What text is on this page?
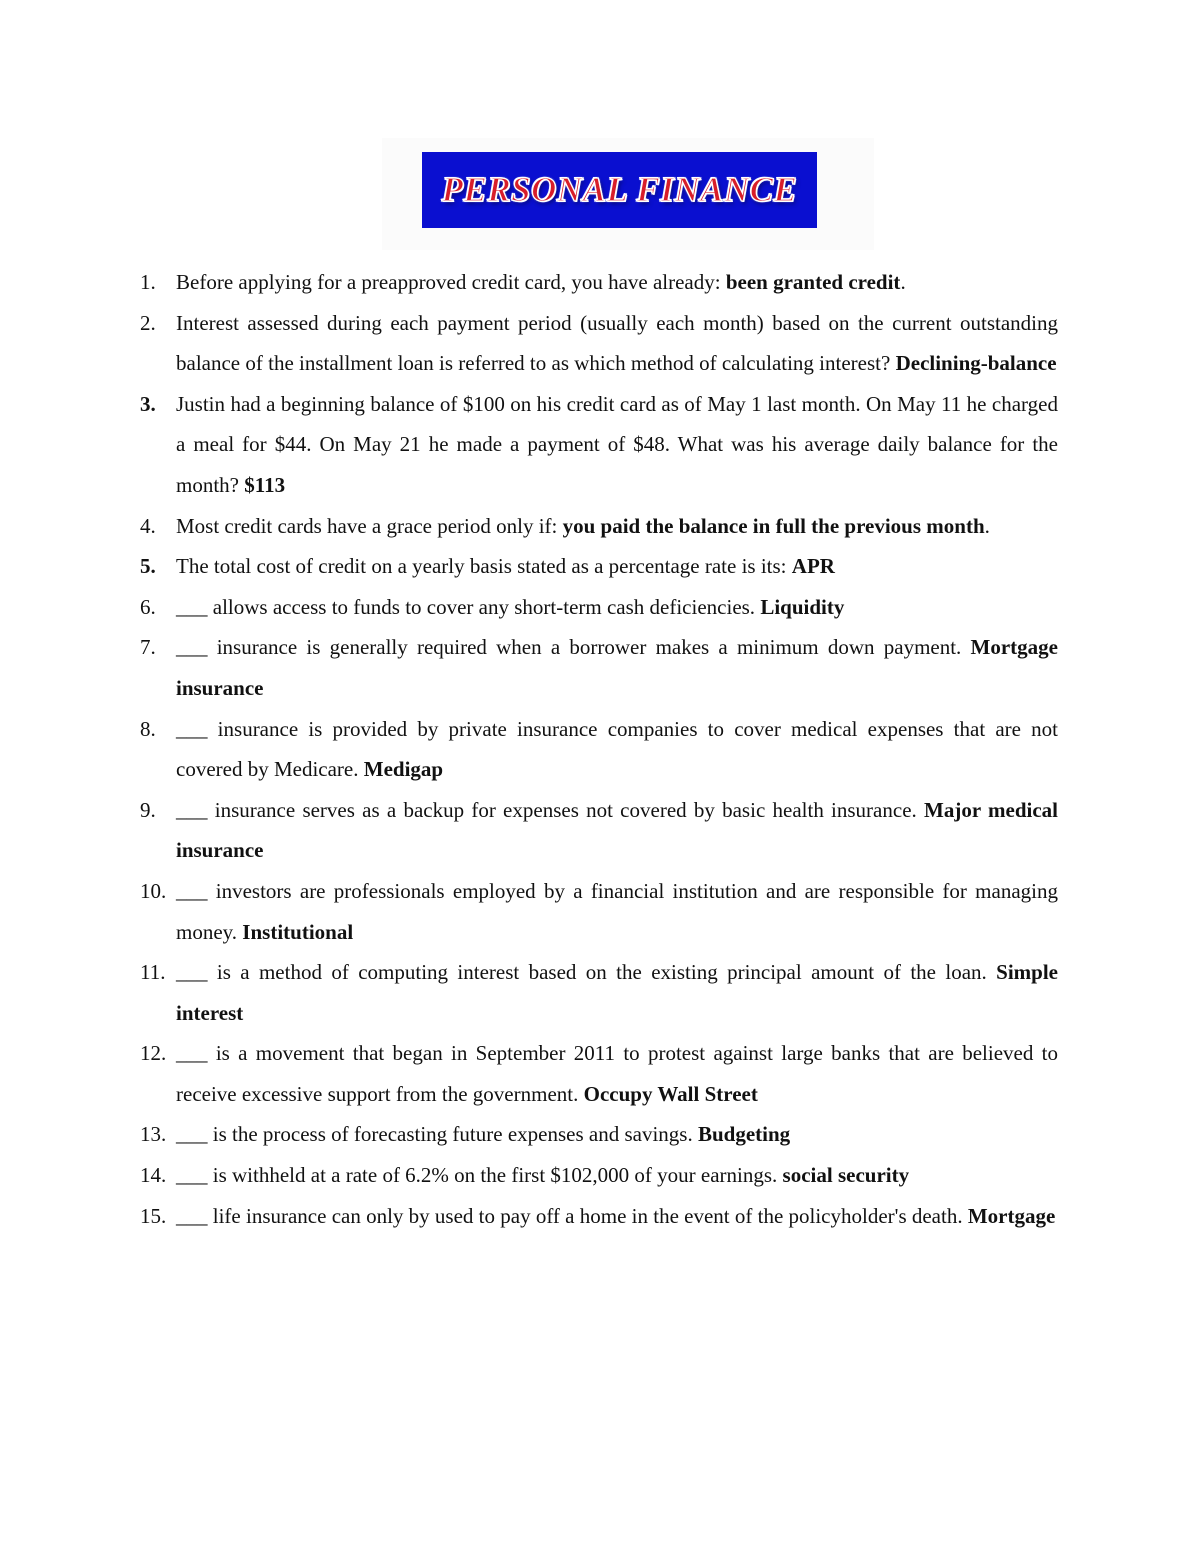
PERSONAL FINANCE
1. Before applying for a preapproved credit card, you have already: been granted credit.
2. Interest assessed during each payment period (usually each month) based on the current outstanding balance of the installment loan is referred to as which method of calculating interest? Declining-balance
3. Justin had a beginning balance of $100 on his credit card as of May 1 last month. On May 11 he charged a meal for $44. On May 21 he made a payment of $48. What was his average daily balance for the month? $113
4. Most credit cards have a grace period only if: you paid the balance in full the previous month.
5. The total cost of credit on a yearly basis stated as a percentage rate is its: APR
6. ___ allows access to funds to cover any short-term cash deficiencies. Liquidity
7. ___ insurance is generally required when a borrower makes a minimum down payment. Mortgage insurance
8. ___ insurance is provided by private insurance companies to cover medical expenses that are not covered by Medicare. Medigap
9. ___ insurance serves as a backup for expenses not covered by basic health insurance. Major medical insurance
10. ___ investors are professionals employed by a financial institution and are responsible for managing money. Institutional
11. ___ is a method of computing interest based on the existing principal amount of the loan. Simple interest
12. ___ is a movement that began in September 2011 to protest against large banks that are believed to receive excessive support from the government. Occupy Wall Street
13. ___ is the process of forecasting future expenses and savings. Budgeting
14. ___ is withheld at a rate of 6.2% on the first $102,000 of your earnings. social security
15. ___ life insurance can only by used to pay off a home in the event of the policyholder's death. Mortgage
